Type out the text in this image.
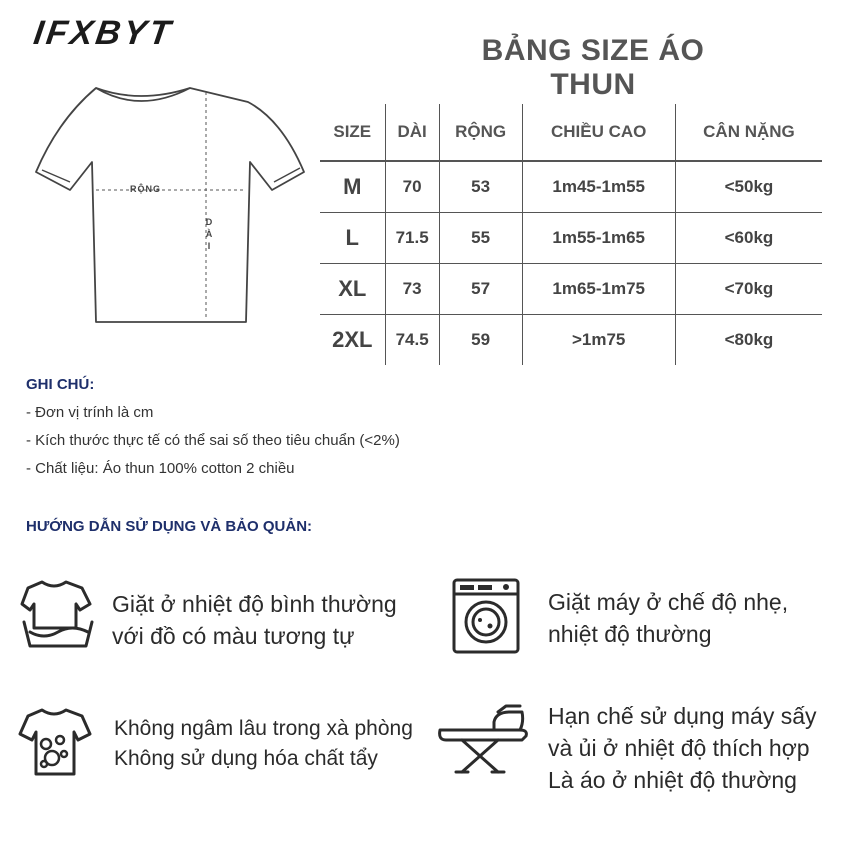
IFXBYT	BẢNG SIZE ÁO THUN
RỘNG
D
À
I
SIZE	DÀI	RỘNG	CHIỀU CAO	CÂN NẶNG
M	70	53	1m45-1m55	<50kg
L	71.5	55	1m55-1m65	<60kg
XL	73	57	1m65-1m75	<70kg
2XL	74.5	59	>1m75	<80kg
GHI CHÚ:
- Đơn vị trính là cm
- Kích thước thực tế có thể sai số theo tiêu chuẩn (<2%)
- Chất liệu: Áo thun 100% cotton 2 chiều
HƯỚNG DẪN SỬ DỤNG VÀ BẢO QUẢN:
Giặt ở nhiệt độ bình thường
với đồ có màu tương tự
Giặt máy ở chế độ nhẹ,
nhiệt độ thường
Không ngâm lâu trong xà phòng
Không sử dụng hóa chất tẩy
Hạn chế sử dụng máy sấy
và ủi ở nhiệt độ thích hợp
Là áo ở nhiệt độ thường
